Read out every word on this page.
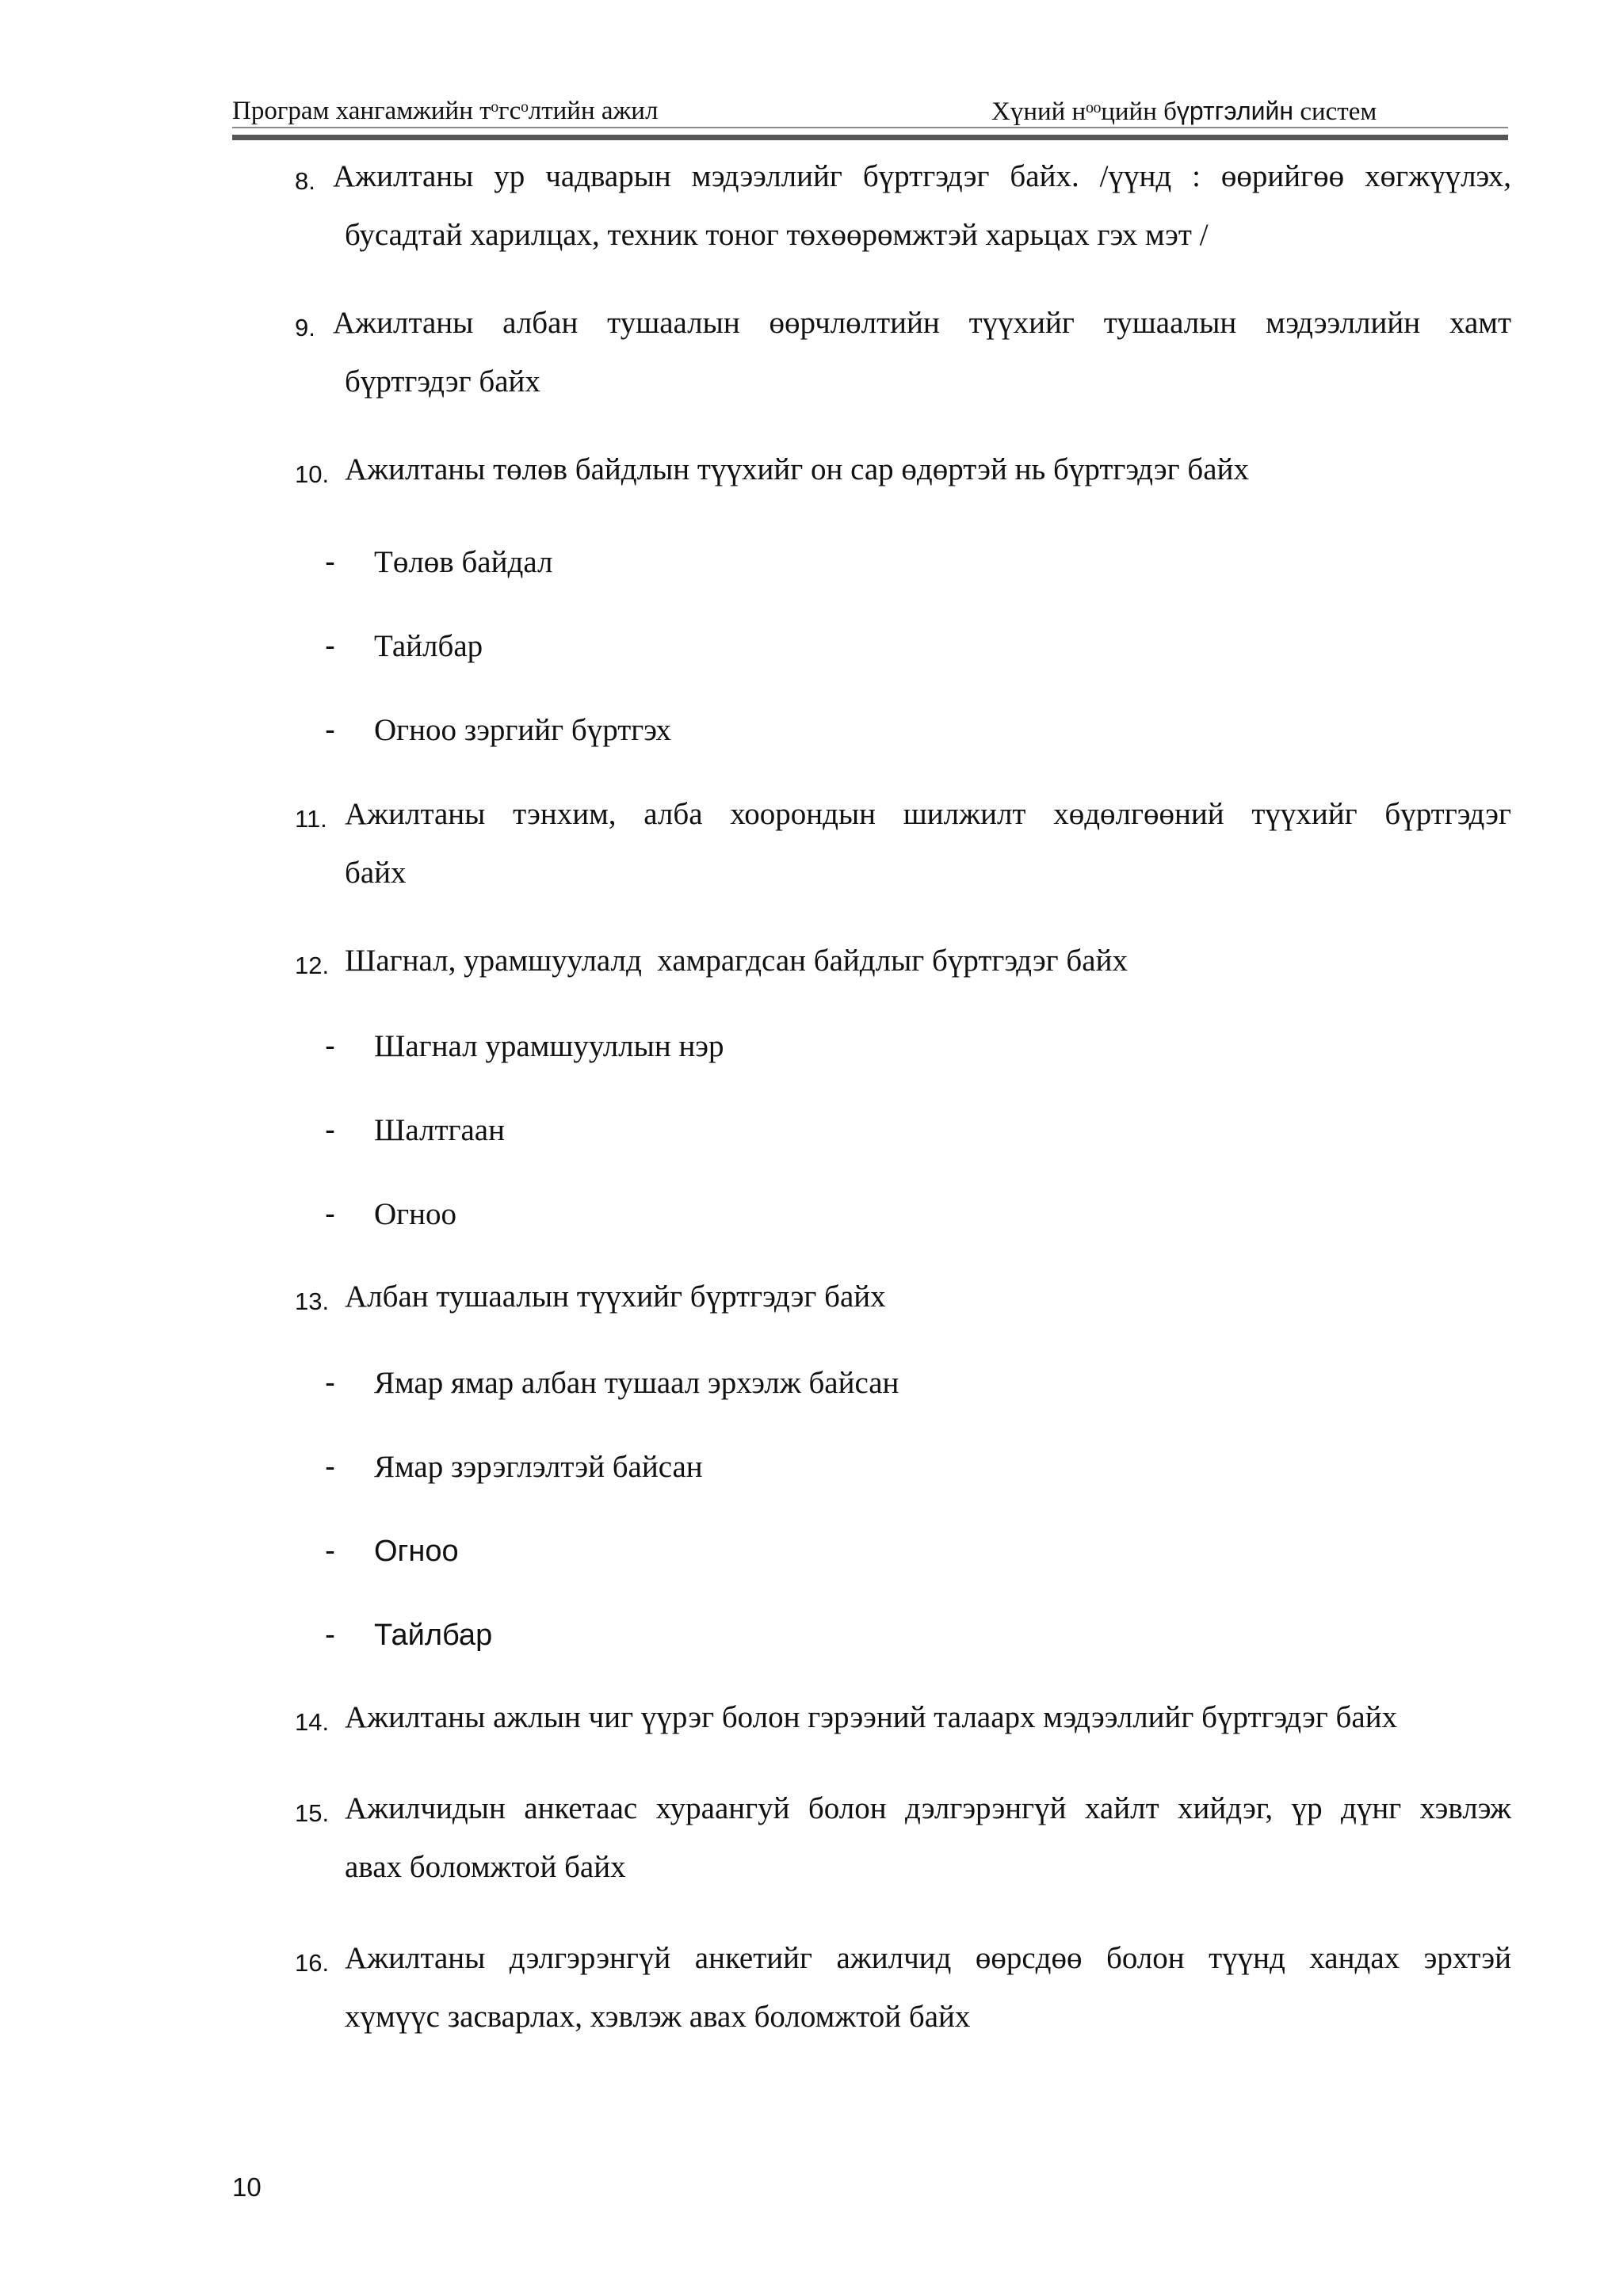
Програм хангамжийн тᵒгсᵒлтийн ажил	Хүний нᵒᵒцийн бүртгэлийн систем
8. Ажилтаны ур чадварын мэдээллийг бүртгэдэг байх. /үүнд : өөрийгөө хөгжүүлэх,
бусадтай харилцах, техник тоног төхөөрөмжтэй харьцах гэх мэт /
9. Ажилтаны албан тушаалын өөрчлөлтийн түүхийг тушаалын мэдээллийн хамт
бүртгэдэг байх
10. Ажилтаны төлөв байдлын түүхийг он сар өдөртэй нь бүртгэдэг байх
- Төлөв байдал
- Тайлбар
- Огноо зэргийг бүртгэх
11. Ажилтаны тэнхим, алба хоорондын шилжилт хөдөлгөөний түүхийг бүртгэдэг
байх
12. Шагнал, урамшуулалд  хамрагдсан байдлыг бүртгэдэг байх
- Шагнал урамшууллын нэр
- Шалтгаан
- Огноо
13. Албан тушаалын түүхийг бүртгэдэг байх
- Ямар ямар албан тушаал эрхэлж байсан
- Ямар зэрэглэлтэй байсан
- Огноо
- Тайлбар
14. Ажилтаны ажлын чиг үүрэг болон гэрээний талаарх мэдээллийг бүртгэдэг байх
15. Ажилчидын анкетаас хураангуй болон дэлгэрэнгүй хайлт хийдэг, үр дүнг хэвлэж
авах боломжтой байх
16. Ажилтаны дэлгэрэнгүй анкетийг ажилчид өөрсдөө болон түүнд хандах эрхтэй
хүмүүс засварлах, хэвлэж авах боломжтой байх
10
